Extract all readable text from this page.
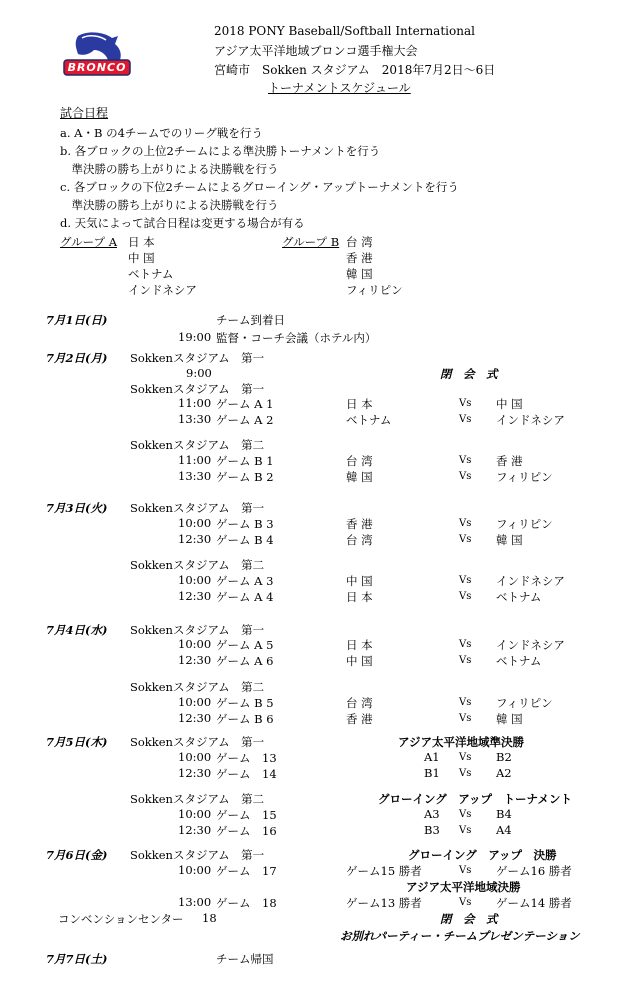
BRONCO
2018 PONY Baseball/Softball International
アジア太平洋地域ブロンコ選手権大会
宮崎市　Sokken スタジアム　2018年7月2日～6日
トーナメントスケジュール
試合日程
a. A・B の4チームでのリーグ戦を行う
b. 各ブロックの上位2チームによる準決勝トーナメントを行う
　準決勝の勝ち上がりによる決勝戦を行う
c. 各ブロックの下位2チームによるグローイング・アップトーナメントを行う
　準決勝の勝ち上がりによる決勝戦を行う
d. 天気によって試合日程は変更する場合が有る
グループ A 日 本
中 国
ベトナム
インドネシア
グループ B 台 湾
香 港
韓 国
フィリピン
7月1日(日)	チーム到着日
19:00 監督・コーチ会議（ホテル内）
7月2日(月) Sokkenスタジアム　第一
9:00	閉　会　式
Sokkenスタジアム　第一
11:00 ゲーム A 1	日 本	Vs 中 国
13:30 ゲーム A 2	ベトナム	Vs インドネシア
Sokkenスタジアム　第二
11:00 ゲーム B 1	台 湾	Vs 香 港
13:30 ゲーム B 2	韓 国	Vs フィリピン
7月3日(火) Sokkenスタジアム　第一
10:00 ゲーム B 3	香 港	Vs フィリピン
12:30 ゲーム B 4	台 湾	Vs 韓 国
Sokkenスタジアム　第二
10:00 ゲーム A 3	中 国	Vs インドネシア
12:30 ゲーム A 4	日 本	Vs ベトナム
7月4日(水) Sokkenスタジアム　第一
10:00 ゲーム A 5	日 本	Vs インドネシア
12:30 ゲーム A 6	中 国	Vs ベトナム
Sokkenスタジアム　第二
10:00 ゲーム B 5	台 湾	Vs フィリピン
12:30 ゲーム B 6	香 港	Vs 韓 国
7月5日(木) Sokkenスタジアム　第一	アジア太平洋地域準決勝
10:00 ゲーム　13	A1 Vs B2
12:30 ゲーム　14	B1 Vs A2
Sokkenスタジアム　第二	グローイング　アップ　トーナメント
10:00 ゲーム　15	A3 Vs B4
12:30 ゲーム　16	B3 Vs A4
7月6日(金) Sokkenスタジアム　第一	グローイング　アップ　決勝
10:00 ゲーム　17	ゲーム15 勝者	Vs ゲーム16 勝者
アジア太平洋地域決勝
13:00 ゲーム　18	ゲーム13 勝者	Vs ゲーム14 勝者
コンベンションセンター 18	閉　会　式
お別れパーティー・チームプレゼンテーション
7月7日(土)	チーム帰国
